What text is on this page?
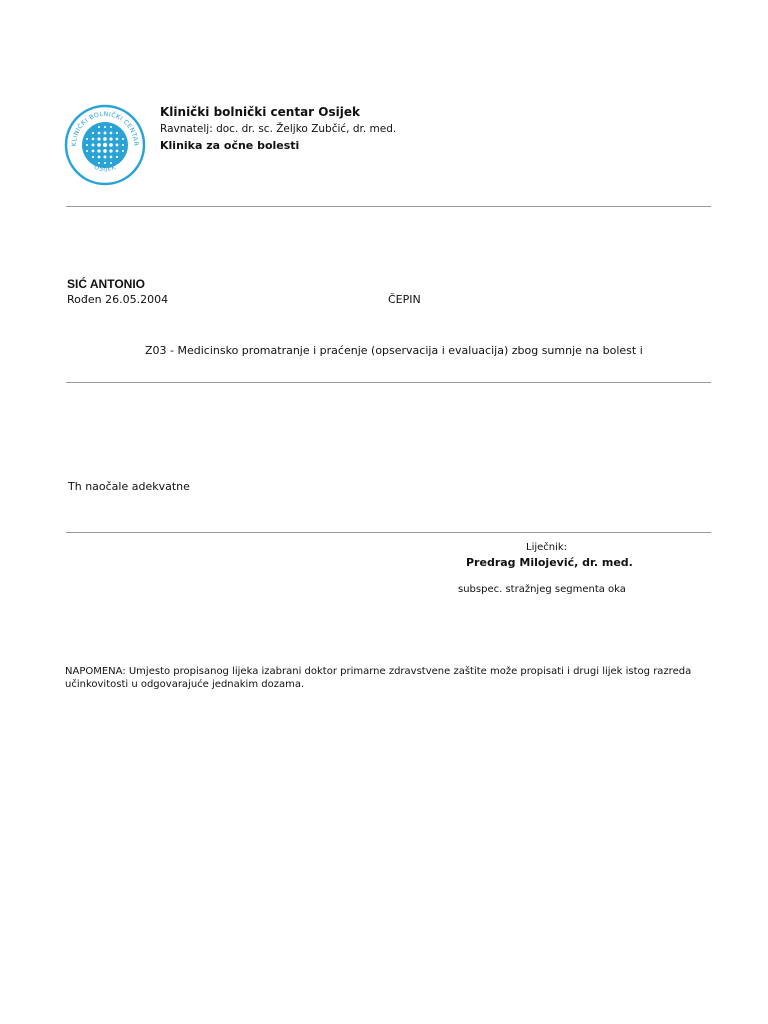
KLINIČKI BOLNIČKI CENTAR
OSIJEK
Klinički bolnički centar Osijek
Ravnatelj: doc. dr. sc. Željko Zubčić, dr. med.
Klinika za očne bolesti
SIĆ ANTONIO
Rođen 26.05.2004	ČEPIN
Z03 - Medicinsko promatranje i praćenje (opservacija i evaluacija) zbog sumnje na bolest i
Th naočale adekvatne
Liječnik:
Predrag Milojević, dr. med.
subspec. stražnjeg segmenta oka
NAPOMENA: Umjesto propisanog lijeka izabrani doktor primarne zdravstvene zaštite može propisati i drugi lijek istog razreda učinkovitosti u odgovarajuće jednakim dozama.
